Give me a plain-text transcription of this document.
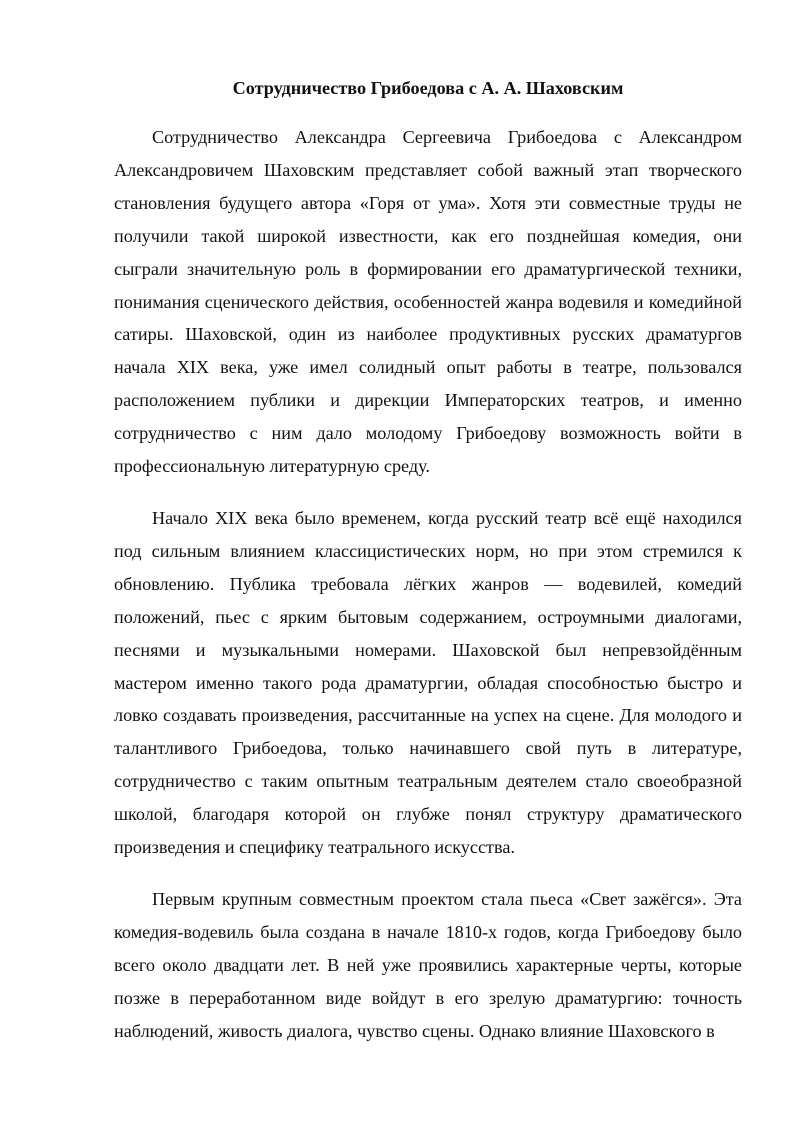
Сотрудничество Грибоедова с А. А. Шаховским

Сотрудничество Александра Сергеевича Грибоедова с Александром Александровичем Шаховским представляет собой важный этап творческого становления будущего автора «Горя от ума». Хотя эти совместные труды не получили такой широкой известности, как его позднейшая комедия, они сыграли значительную роль в формировании его драматургической техники, понимания сценического действия, особенностей жанра водевиля и комедийной сатиры. Шаховской, один из наиболее продуктивных русских драматургов начала XIX века, уже имел солидный опыт работы в театре, пользовался расположением публики и дирекции Императорских театров, и именно сотрудничество с ним дало молодому Грибоедову возможность войти в профессиональную литературную среду.

Начало XIX века было временем, когда русский театр всё ещё находился под сильным влиянием классицистических норм, но при этом стремился к обновлению. Публика требовала лёгких жанров — водевилей, комедий положений, пьес с ярким бытовым содержанием, остроумными диалогами, песнями и музыкальными номерами. Шаховской был непревзойдённым мастером именно такого рода драматургии, обладая способностью быстро и ловко создавать произведения, рассчитанные на успех на сцене. Для молодого и талантливого Грибоедова, только начинавшего свой путь в литературе, сотрудничество с таким опытным театральным деятелем стало своеобразной школой, благодаря которой он глубже понял структуру драматического произведения и специфику театрального искусства.

Первым крупным совместным проектом стала пьеса «Свет зажёгся». Эта комедия-водевиль была создана в начале 1810-х годов, когда Грибоедову было всего около двадцати лет. В ней уже проявились характерные черты, которые позже в переработанном виде войдут в его зрелую драматургию: точность наблюдений, живость диалога, чувство сцены. Однако влияние Шаховского в
